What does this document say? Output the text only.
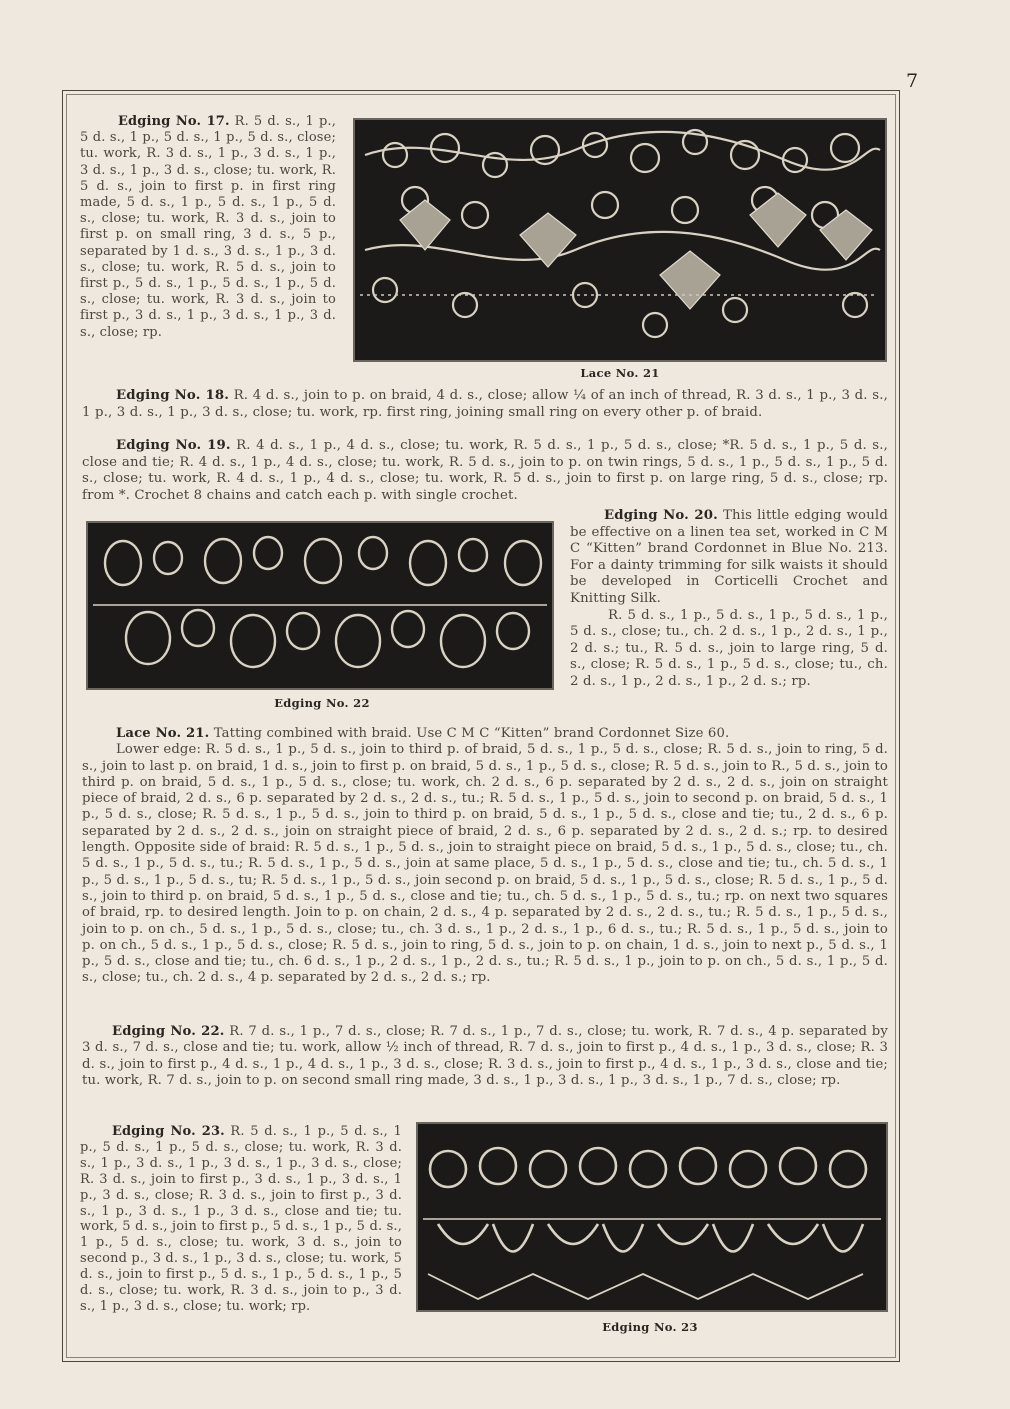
7
Edging No. 17. R. 5 d. s., 1 p., 5 d. s., 1 p., 5 d. s., 1 p., 5 d. s., close; tu. work, R. 3 d. s., 1 p., 3 d. s., 1 p., 3 d. s., 1 p., 3 d. s., close; tu. work, R. 5 d. s., join to first p. in first ring made, 5 d. s., 1 p., 5 d. s., 1 p., 5 d. s., close; tu. work, R. 3 d. s., join to first p. on small ring, 3 d. s., 5 p., separated by 1 d. s., 3 d. s., 1 p., 3 d. s., close; tu. work, R. 5 d. s., join to first p., 5 d. s., 1 p., 5 d. s., 1 p., 5 d. s., close; tu. work, R. 3 d. s., join to first p., 3 d. s., 1 p., 3 d. s., 1 p., 3 d. s., close; rp.
Lace No. 21
Edging No. 18. R. 4 d. s., join to p. on braid, 4 d. s., close; allow ¼ of an inch of thread, R. 3 d. s., 1 p., 3 d. s., 1 p., 3 d. s., 1 p., 3 d. s., close; tu. work, rp. first ring, joining small ring on every other p. of braid.
Edging No. 19. R. 4 d. s., 1 p., 4 d. s., close; tu. work, R. 5 d. s., 1 p., 5 d. s., close; *R. 5 d. s., 1 p., 5 d. s., close and tie; R. 4 d. s., 1 p., 4 d. s., close; tu. work, R. 5 d. s., join to p. on twin rings, 5 d. s., 1 p., 5 d. s., 1 p., 5 d. s., close; tu. work, R. 4 d. s., 1 p., 4 d. s., close; tu. work, R. 5 d. s., join to first p. on large ring, 5 d. s., close; rp. from *. Crochet 8 chains and catch each p. with single crochet.
Edging No. 22
Edging No. 20. This little edging would be effective on a linen tea set, worked in C M C “Kitten” brand Cordonnet in Blue No. 213. For a dainty trimming for silk waists it should be developed in Corticelli Crochet and Knitting Silk.
R. 5 d. s., 1 p., 5 d. s., 1 p., 5 d. s., 1 p., 5 d. s., close; tu., ch. 2 d. s., 1 p., 2 d. s., 1 p., 2 d. s.; tu., R. 5 d. s., join to large ring, 5 d. s., close; R. 5 d. s., 1 p., 5 d. s., close; tu., ch. 2 d. s., 1 p., 2 d. s., 1 p., 2 d. s.; rp.
Lace No. 21. Tatting combined with braid. Use C M C “Kitten” brand Cordonnet Size 60.
Lower edge: R. 5 d. s., 1 p., 5 d. s., join to third p. of braid, 5 d. s., 1 p., 5 d. s., close; R. 5 d. s., join to ring, 5 d. s., join to last p. on braid, 1 d. s., join to first p. on braid, 5 d. s., 1 p., 5 d. s., close; R. 5 d. s., join to R., 5 d. s., join to third p. on braid, 5 d. s., 1 p., 5 d. s., close; tu. work, ch. 2 d. s., 6 p. separated by 2 d. s., 2 d. s., join on straight piece of braid, 2 d. s., 6 p. separated by 2 d. s., 2 d. s., tu.; R. 5 d. s., 1 p., 5 d. s., join to second p. on braid, 5 d. s., 1 p., 5 d. s., close; R. 5 d. s., 1 p., 5 d. s., join to third p. on braid, 5 d. s., 1 p., 5 d. s., close and tie; tu., 2 d. s., 6 p. separated by 2 d. s., 2 d. s., join on straight piece of braid, 2 d. s., 6 p. separated by 2 d. s., 2 d. s.; rp. to desired length. Opposite side of braid: R. 5 d. s., 1 p., 5 d. s., join to straight piece on braid, 5 d. s., 1 p., 5 d. s., close; tu., ch. 5 d. s., 1 p., 5 d. s., tu.; R. 5 d. s., 1 p., 5 d. s., join at same place, 5 d. s., 1 p., 5 d. s., close and tie; tu., ch. 5 d. s., 1 p., 5 d. s., 1 p., 5 d. s., tu; R. 5 d. s., 1 p., 5 d. s., join second p. on braid, 5 d. s., 1 p., 5 d. s., close; R. 5 d. s., 1 p., 5 d. s., join to third p. on braid, 5 d. s., 1 p., 5 d. s., close and tie; tu., ch. 5 d. s., 1 p., 5 d. s., tu.; rp. on next two squares of braid, rp. to desired length. Join to p. on chain, 2 d. s., 4 p. separated by 2 d. s., 2 d. s., tu.; R. 5 d. s., 1 p., 5 d. s., join to p. on ch., 5 d. s., 1 p., 5 d. s., close; tu., ch. 3 d. s., 1 p., 2 d. s., 1 p., 6 d. s., tu.; R. 5 d. s., 1 p., 5 d. s., join to p. on ch., 5 d. s., 1 p., 5 d. s., close; R. 5 d. s., join to ring, 5 d. s., join to p. on chain, 1 d. s., join to next p., 5 d. s., 1 p., 5 d. s., close and tie; tu., ch. 6 d. s., 1 p., 2 d. s., 1 p., 2 d. s., tu.; R. 5 d. s., 1 p., join to p. on ch., 5 d. s., 1 p., 5 d. s., close; tu., ch. 2 d. s., 4 p. separated by 2 d. s., 2 d. s.; rp.
Edging No. 22. R. 7 d. s., 1 p., 7 d. s., close; R. 7 d. s., 1 p., 7 d. s., close; tu. work, R. 7 d. s., 4 p. separated by 3 d. s., 7 d. s., close and tie; tu. work, allow ½ inch of thread, R. 7 d. s., join to first p., 4 d. s., 1 p., 3 d. s., close; R. 3 d. s., join to first p., 4 d. s., 1 p., 4 d. s., 1 p., 3 d. s., close; R. 3 d. s., join to first p., 4 d. s., 1 p., 3 d. s., close and tie; tu. work, R. 7 d. s., join to p. on second small ring made, 3 d. s., 1 p., 3 d. s., 1 p., 3 d. s., 1 p., 7 d. s., close; rp.
Edging No. 23. R. 5 d. s., 1 p., 5 d. s., 1 p., 5 d. s., 1 p., 5 d. s., close; tu. work, R. 3 d. s., 1 p., 3 d. s., 1 p., 3 d. s., 1 p., 3 d. s., close; R. 3 d. s., join to first p., 3 d. s., 1 p., 3 d. s., 1 p., 3 d. s., close; R. 3 d. s., join to first p., 3 d. s., 1 p., 3 d. s., 1 p., 3 d. s., close and tie; tu. work, 5 d. s., join to first p., 5 d. s., 1 p., 5 d. s., 1 p., 5 d. s., close; tu. work, 3 d. s., join to second p., 3 d. s., 1 p., 3 d. s., close; tu. work, 5 d. s., join to first p., 5 d. s., 1 p., 5 d. s., 1 p., 5 d. s., close; tu. work, R. 3 d. s., join to p., 3 d. s., 1 p., 3 d. s., close; tu. work; rp.
Edging No. 23
